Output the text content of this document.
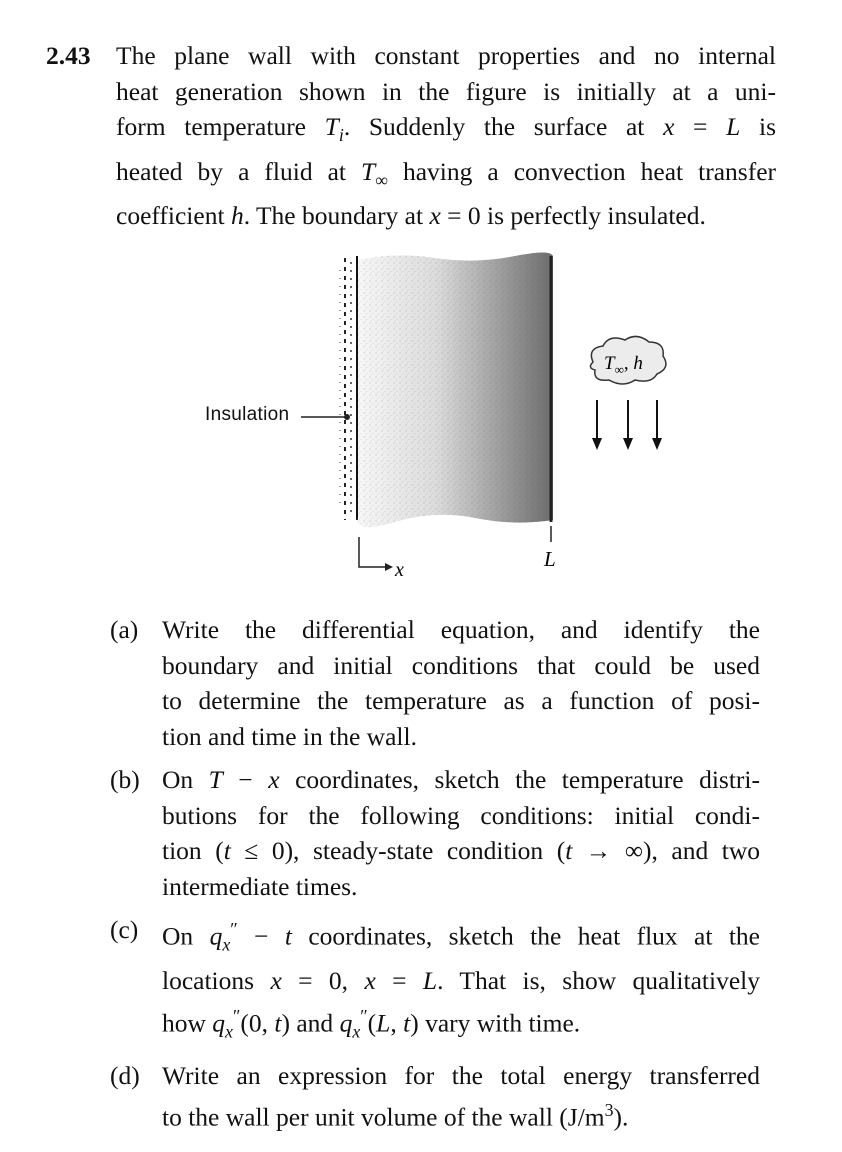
2.43 The plane wall with constant properties and no internal
heat generation shown in the figure is initially at a uni-
form temperature $T_i$. Suddenly the surface at x = L is
heated by a fluid at $T_\infty$ having a convection heat transfer
coefficient h. The boundary at x = 0 is perfectly insulated.
Insulation
x	L
$T_\infty$, h
(a) Write the differential equation, and identify the
boundary and initial conditions that could be used
to determine the temperature as a function of posi-
tion and time in the wall.
(b) On T − x coordinates, sketch the temperature distri-
butions for the following conditions: initial condi-
tion (t ≤ 0), steady-state condition (t → ∞), and two
intermediate times.
(c) On $q_x'' - t$ coordinates, sketch the heat flux at the
locations x = 0, x = L. That is, show qualitatively
how $q_x''(0$, t) and $q_x''(L$, t) vary with time.
(d) Write an expression for the total energy transferred
to the wall per unit volume of the wall $(J/m^3)$.
